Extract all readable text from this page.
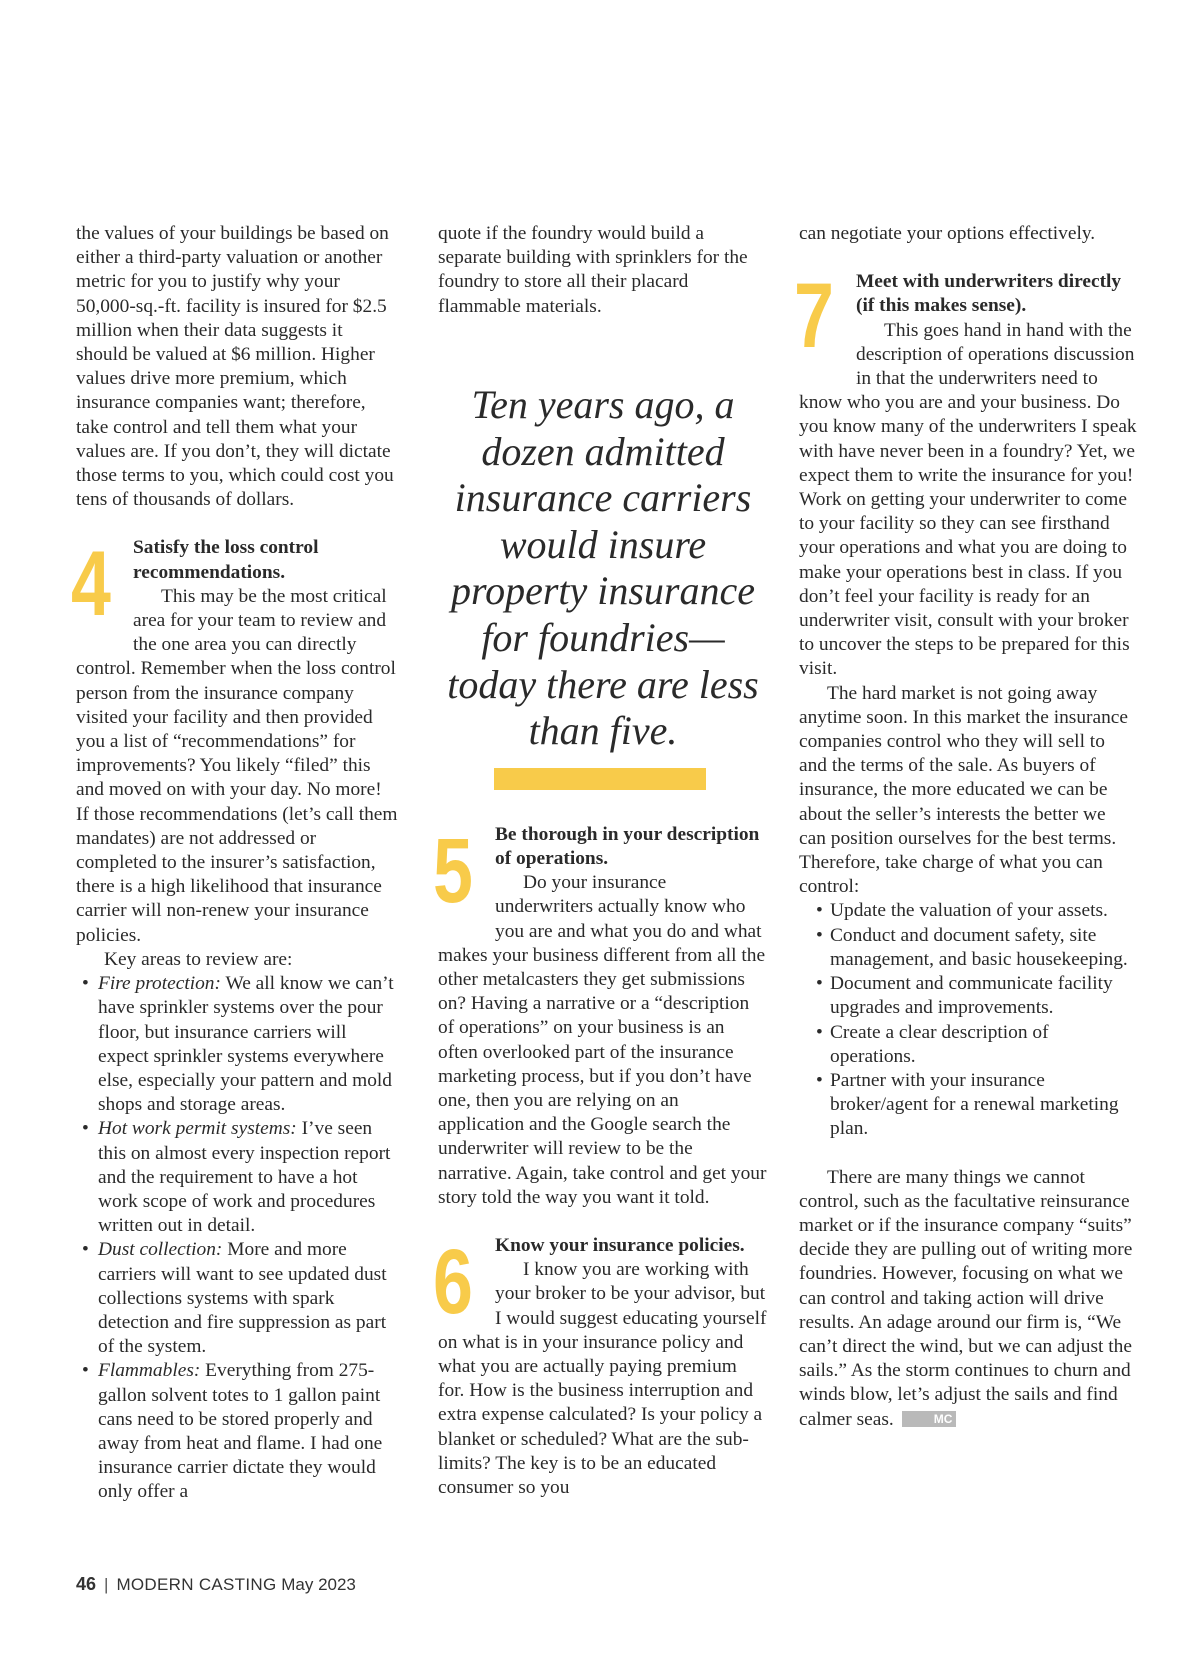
the values of your buildings be based on either a third-party valuation or another metric for you to justify why your 50,000-sq.-ft. facility is insured for $2.5 million when their data suggests it should be valued at $6 million. Higher values drive more premium, which insurance companies want; therefore, take control and tell them what your values are. If you don’t, they will dictate those terms to you, which could cost you tens of thousands of dollars.

4	Satisfy the loss control recommendations.

This may be the most critical area for your team to review and the one area you can directly control. Remember when the loss control person from the insurance company visited your facility and then provided you a list of “recommendations” for improvements? You likely “filed” this and moved on with your day. No more! If those recommendations (let’s call them mandates) are not addressed or completed to the insurer’s satisfaction, there is a high likelihood that insurance carrier will non-renew your insurance policies.

Key areas to review are:

• Fire protection: We all know we can’t have sprinkler systems over the pour floor, but insurance carriers will expect sprinkler systems everywhere else, especially your pattern and mold shops and storage areas.
• Hot work permit systems: I’ve seen this on almost every inspection report and the requirement to have a hot work scope of work and procedures written out in detail.
• Dust collection: More and more carriers will want to see updated dust collections systems with spark detection and fire suppression as part of the system.
• Flammables: Everything from 275-gallon solvent totes to 1 gallon paint cans need to be stored properly and away from heat and flame. I had one insurance carrier dictate they would only offer a

quote if the foundry would build a separate building with sprinklers for the foundry to store all their placard flammable materials.

5	Be thorough in your description of operations.

Do your insurance underwriters actually know who you are and what you do and what makes your business different from all the other metalcasters they get submissions on? Having a narrative or a “description of operations” on your business is an often overlooked part of the insurance marketing process, but if you don’t have one, then you are relying on an application and the Google search the underwriter will review to be the narrative. Again, take control and get your story told the way you want it told.

6	Know your insurance policies.

I know you are working with your broker to be your advisor, but I would suggest educating yourself on what is in your insurance policy and what you are actually paying premium for. How is the business interruption and extra expense calculated? Is your policy a blanket or scheduled? What are the sub-limits? The key is to be an educated consumer so you

Ten years ago, a dozen admitted insurance carriers would insure property insurance for foundries— today there are less than five.

can negotiate your options effectively.

7	Meet with underwriters directly (if this makes sense).

This goes hand in hand with the description of operations discussion in that the underwriters need to know who you are and your business. Do you know many of the underwriters I speak with have never been in a foundry? Yet, we expect them to write the insurance for you! Work on getting your underwriter to come to your facility so they can see firsthand your operations and what you are doing to make your operations best in class. If you don’t feel your facility is ready for an underwriter visit, consult with your broker to uncover the steps to be prepared for this visit.

The hard market is not going away anytime soon. In this market the insurance companies control who they will sell to and the terms of the sale. As buyers of insurance, the more educated we can be about the seller’s interests the better we can position ourselves for the best terms. Therefore, take charge of what you can control:

• Update the valuation of your assets.
• Conduct and document safety, site management, and basic housekeeping.
• Document and communicate facility upgrades and improvements.
• Create a clear description of operations.
• Partner with your insurance broker/agent for a renewal marketing plan.

There are many things we cannot control, such as the facultative reinsurance market or if the insurance company “suits” decide they are pulling out of writing more foundries. However, focusing on what we can control and taking action will drive results. An adage around our firm is, “We can’t direct the wind, but we can adjust the sails.” As the storm continues to churn and winds blow, let’s adjust the sails and find calmer seas.	MC

46 | MODERN CASTING May 2023
